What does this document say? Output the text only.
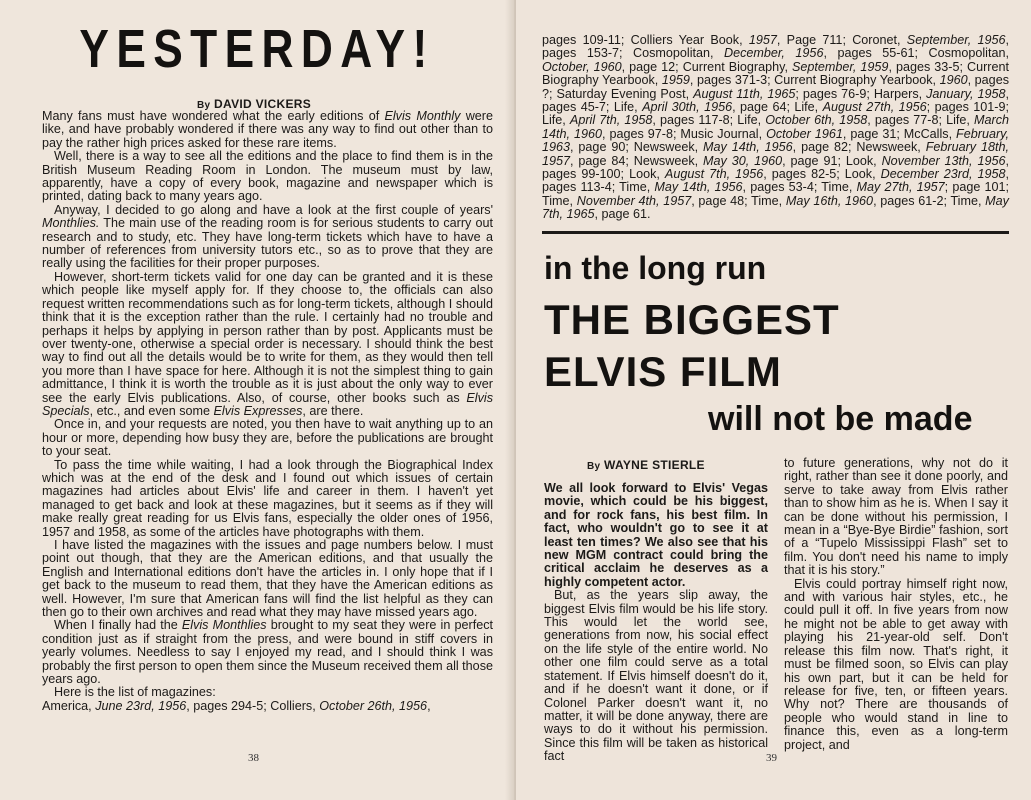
YESTERDAY!
By DAVID VICKERS

Many fans must have wondered what the early editions of Elvis Monthly were like, and have probably wondered if there was any way to find out other than to pay the rather high prices asked for these rare items.

Well, there is a way to see all the editions and the place to find them is in the British Museum Reading Room in London. The museum must by law, apparently, have a copy of every book, magazine and newspaper which is printed, dating back to many years ago.

Anyway, I decided to go along and have a look at the first couple of years' Monthlies. The main use of the reading room is for serious students to carry out research and to study, etc. They have long-term tickets which have to have a number of references from university tutors etc., so as to prove that they are really using the facilities for their proper purposes.

However, short-term tickets valid for one day can be granted and it is these which people like myself apply for. If they choose to, the officials can also request written recommendations such as for long-term tickets, although I should think that it is the exception rather than the rule. I certainly had no trouble and perhaps it helps by applying in person rather than by post. Applicants must be over twenty-one, otherwise a special order is necessary. I should think the best way to find out all the details would be to write for them, as they would then tell you more than I have space for here. Although it is not the simplest thing to gain admittance, I think it is worth the trouble as it is just about the only way to ever see the early Elvis publications. Also, of course, other books such as Elvis Specials, etc., and even some Elvis Expresses, are there.

Once in, and your requests are noted, you then have to wait anything up to an hour or more, depending how busy they are, before the publications are brought to your seat.

To pass the time while waiting, I had a look through the Biographical Index which was at the end of the desk and I found out which issues of certain magazines had articles about Elvis' life and career in them. I haven't yet managed to get back and look at these magazines, but it seems as if they will make really great reading for us Elvis fans, especially the older ones of 1956, 1957 and 1958, as some of the articles have photographs with them.

I have listed the magazines with the issues and page numbers below. I must point out though, that they are the American editions, and that usually the English and International editions don't have the articles in. I only hope that if I get back to the museum to read them, that they have the American editions as well. However, I'm sure that American fans will find the list helpful as they can then go to their own archives and read what they may have missed years ago.

When I finally had the Elvis Monthlies brought to my seat they were in perfect condition just as if straight from the press, and were bound in stiff covers in yearly volumes. Needless to say I enjoyed my read, and I should think I was probably the first person to open them since the Museum received them all those years ago.

Here is the list of magazines:

America, June 23rd, 1956, pages 294-5; Colliers, October 26th, 1956,

38

pages 109-11; Colliers Year Book, 1957, Page 711; Coronet, September, 1956, pages 153-7; Cosmopolitan, December, 1956, pages 55-61; Cosmopolitan, October, 1960, page 12; Current Biography, September, 1959, pages 33-5; Current Biography Yearbook, 1959, pages 371-3; Current Biography Yearbook, 1960, pages ?; Saturday Evening Post, August 11th, 1965; pages 76-9; Harpers, January, 1958, pages 45-7; Life, April 30th, 1956, page 64; Life, August 27th, 1956; pages 101-9; Life, April 7th, 1958, pages 117-8; Life, October 6th, 1958, pages 77-8; Life, March 14th, 1960, pages 97-8; Music Journal, October 1961, page 31; McCalls, February, 1963, page 90; Newsweek, May 14th, 1956, page 82; Newsweek, February 18th, 1957, page 84; Newsweek, May 30, 1960, page 91; Look, November 13th, 1956, pages 99-100; Look, August 7th, 1956, pages 82-5; Look, December 23rd, 1958, pages 113-4; Time, May 14th, 1956, pages 53-4; Time, May 27th, 1957; page 101; Time, November 4th, 1957, page 48; Time, May 16th, 1960, pages 61-2; Time, May 7th, 1965, page 61.

in the long run
THE BIGGEST
ELVIS FILM
will not be made
By WAYNE STIERLE

We all look forward to Elvis' Vegas movie, which could be his biggest, and for rock fans, his best film. In fact, who wouldn't go to see it at least ten times? We also see that his new MGM contract could bring the critical acclaim he deserves as a highly competent actor.

But, as the years slip away, the biggest Elvis film would be his life story. This would let the world see, generations from now, his social effect on the life style of the entire world. No other one film could serve as a total statement. If Elvis himself doesn't do it, and if he doesn't want it done, or if Colonel Parker doesn't want it, no matter, it will be done anyway, there are ways to do it without his permission. Since this film will be taken as historical fact

to future generations, why not do it right, rather than see it done poorly, and serve to take away from Elvis rather than to show him as he is. When I say it can be done without his permission, I mean in a “Bye-Bye Birdie” fashion, sort of a “Tupelo Mississippi Flash” set to film. You don't need his name to imply that it is his story.”

Elvis could portray himself right now, and with various hair styles, etc., he could pull it off. In five years from now he might not be able to get away with playing his 21-year-old self. Don't release this film now. That's right, it must be filmed soon, so Elvis can play his own part, but it can be held for release for five, ten, or fifteen years. Why not? There are thousands of people who would stand in line to finance this, even as a long-term project, and

39
